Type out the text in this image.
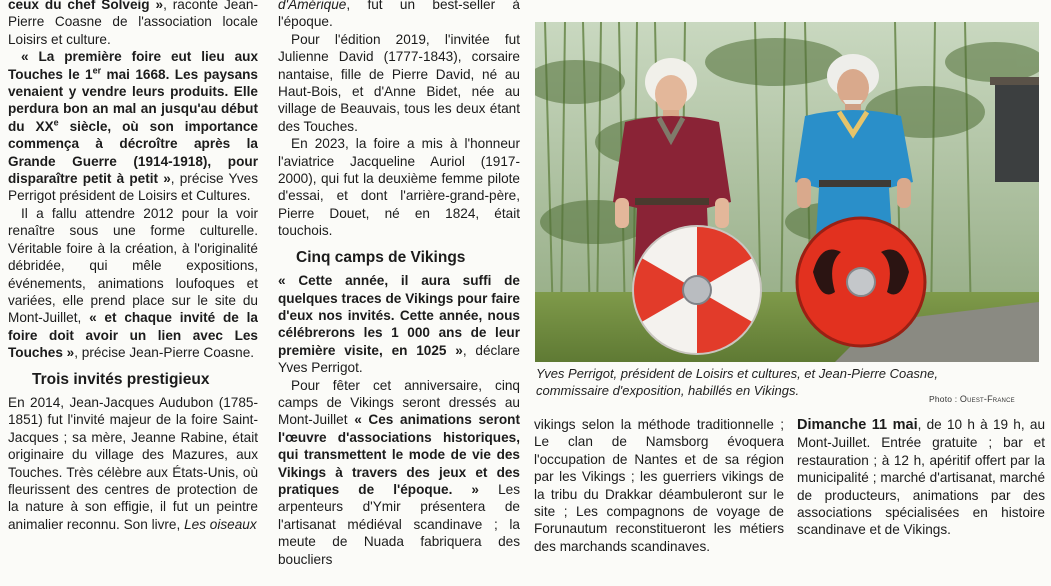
ceux du chef Solveig », raconte Jean-Pierre Coasne de l'association locale Loisirs et culture.

« La première foire eut lieu aux Touches le 1er mai 1668. Les paysans venaient y vendre leurs produits. Elle perdura bon an mal an jusqu'au début du XXe siècle, où son importance commença à décroître après la Grande Guerre (1914-1918), pour disparaître petit à petit », précise Yves Perrigot président de Loisirs et Cultures.

Il a fallu attendre 2012 pour la voir renaître sous une forme culturelle. Véritable foire à la création, à l'originalité débridée, qui mêle expositions, événements, animations loufoques et variées, elle prend place sur le site du Mont-Juillet, « et chaque invité de la foire doit avoir un lien avec Les Touches », précise Jean-Pierre Coasne.

Trois invités prestigieux

En 2014, Jean-Jacques Audubon (1785-1851) fut l'invité majeur de la foire Saint-Jacques ; sa mère, Jeanne Rabine, était originaire du village des Mazures, aux Touches. Très célèbre aux États-Unis, où fleurissent des centres de protection de la nature à son effigie, il fut un peintre animalier reconnu. Son livre, Les oiseaux

d'Amérique, fut un best-seller à l'époque.

Pour l'édition 2019, l'invitée fut Julienne David (1777-1843), corsaire nantaise, fille de Pierre David, né au Haut-Bois, et d'Anne Bidet, née au village de Beauvais, tous les deux étant des Touches.

En 2023, la foire a mis à l'honneur l'aviatrice Jacqueline Auriol (1917-2000), qui fut la deuxième femme pilote d'essai, et dont l'arrière-grand-père, Pierre Douet, né en 1824, était touchois.

Cinq camps de Vikings

« Cette année, il aura suffi de quelques traces de Vikings pour faire d'eux nos invités. Cette année, nous célébrerons les 1 000 ans de leur première visite, en 1025 », déclare Yves Perrigot.

Pour fêter cet anniversaire, cinq camps de Vikings seront dressés au Mont-Juillet « Ces animations seront l'œuvre d'associations historiques, qui transmettent le mode de vie des Vikings à travers des jeux et des pratiques de l'époque. » Les arpenteurs d'Ymir présentera de l'artisanat médiéval scandinave ; la meute de Nuada fabriquera des boucliers

Yves Perrigot, président de Loisirs et cultures, et Jean-Pierre Coasne, commissaire d'exposition, habillés en Vikings.
Photo : Ouest-France

vikings selon la méthode traditionnelle ; Le clan de Namsborg évoquera l'occupation de Nantes et de sa région par les Vikings ; les guerriers vikings de la tribu du Drakkar déambuleront sur le site ; Les compagnons de voyage de Forunautum reconstitueront les métiers des marchands scandinaves.

Dimanche 11 mai, de 10 h à 19 h, au Mont-Juillet. Entrée gratuite ; bar et restauration ; à 12 h, apéritif offert par la municipalité ; marché d'artisanat, marché de producteurs, animations par des associations spécialisées en histoire scandinave et de Vikings.
